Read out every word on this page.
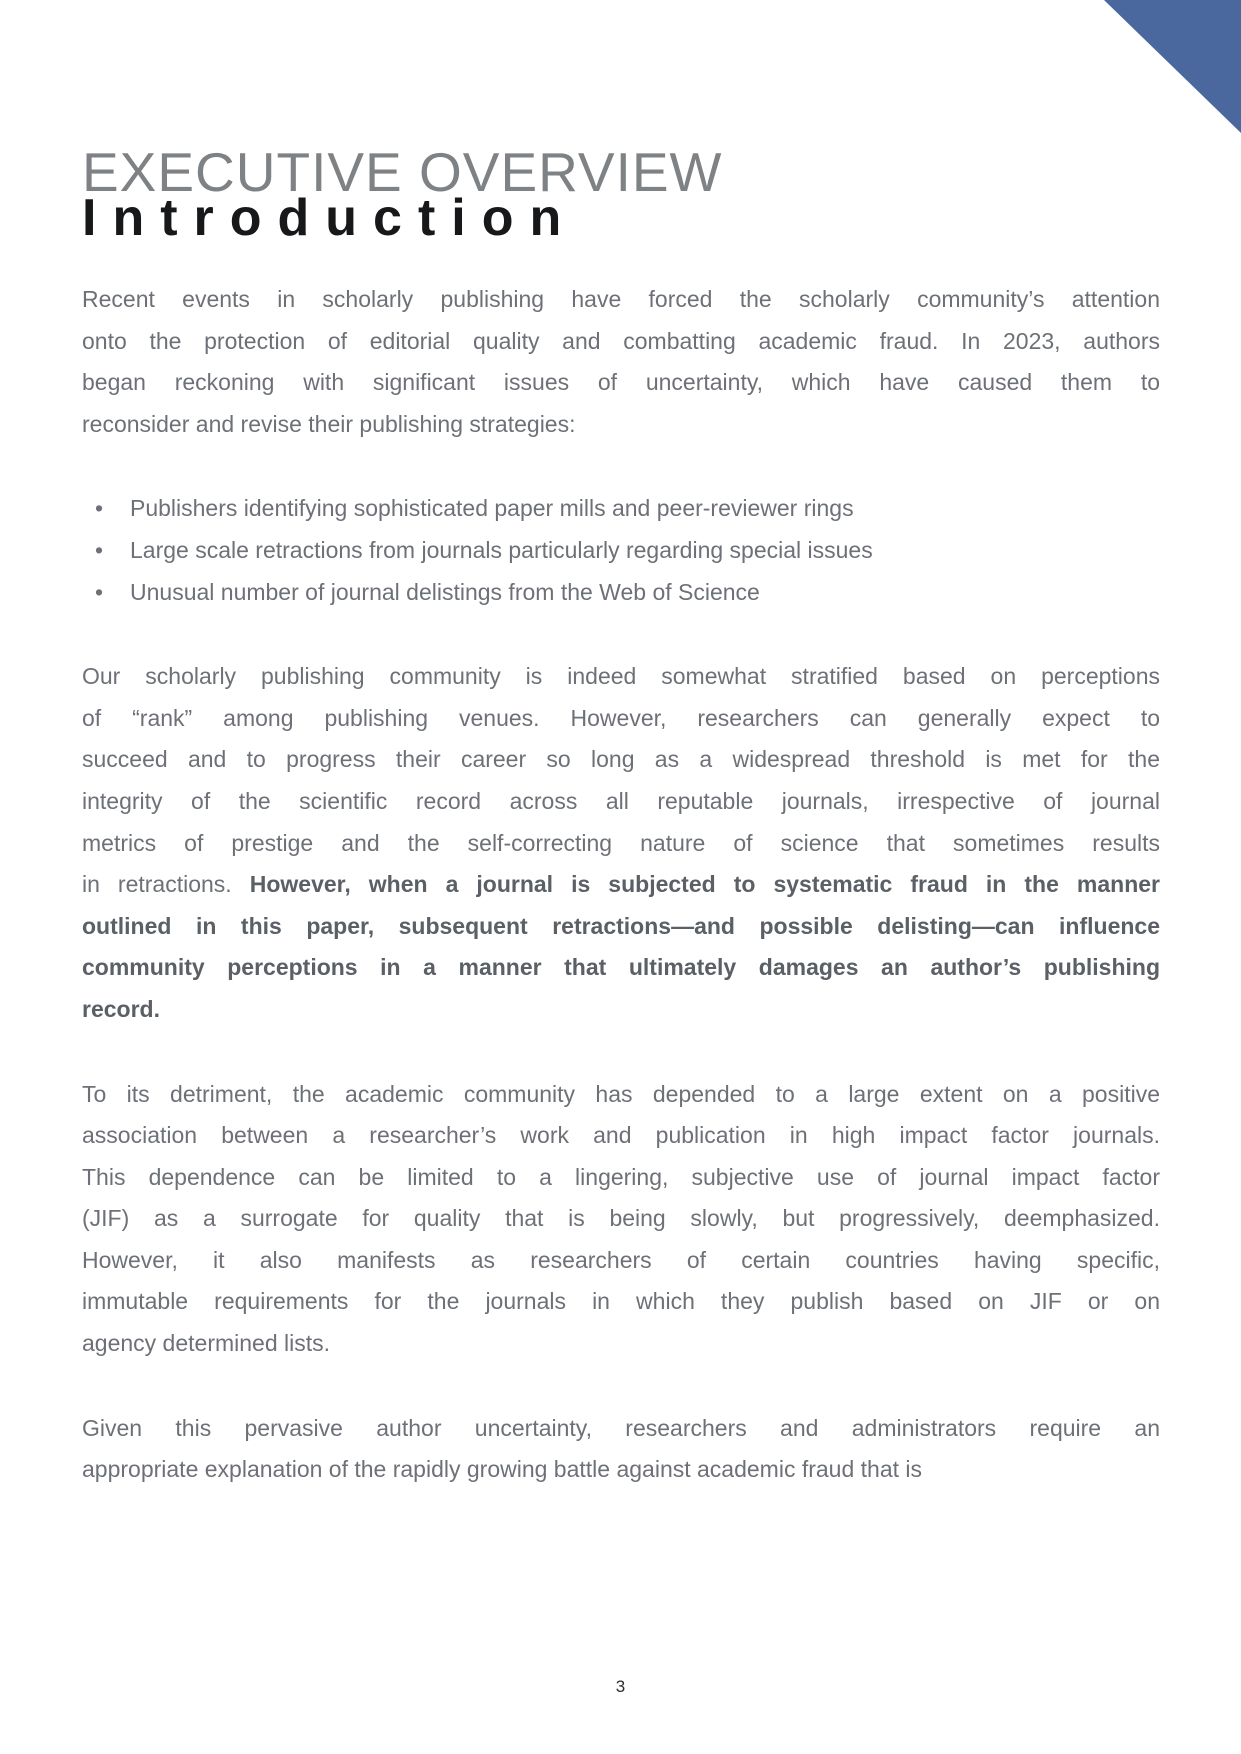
EXECUTIVE OVERVIEW
Introduction
Recent events in scholarly publishing have forced the scholarly community’s attention
onto the protection of editorial quality and combatting academic fraud. In 2023, authors
began reckoning with significant issues of uncertainty, which have caused them to
reconsider and revise their publishing strategies:
• Publishers identifying sophisticated paper mills and peer-reviewer rings
• Large scale retractions from journals particularly regarding special issues
• Unusual number of journal delistings from the Web of Science
Our scholarly publishing community is indeed somewhat stratified based on perceptions
of “rank” among publishing venues. However, researchers can generally expect to
succeed and to progress their career so long as a widespread threshold is met for the
integrity of the scientific record across all reputable journals, irrespective of journal
metrics of prestige and the self-correcting nature of science that sometimes results
in retractions. However, when a journal is subjected to systematic fraud in the manner
outlined in this paper, subsequent retractions—and possible delisting—can influence
community perceptions in a manner that ultimately damages an author’s publishing
record.
To its detriment, the academic community has depended to a large extent on a positive
association between a researcher’s work and publication in high impact factor journals.
This dependence can be limited to a lingering, subjective use of journal impact factor
(JIF) as a surrogate for quality that is being slowly, but progressively, deemphasized.
However, it also manifests as researchers of certain countries having specific,
immutable requirements for the journals in which they publish based on JIF or on
agency determined lists.
Given this pervasive author uncertainty, researchers and administrators require an
appropriate explanation of the rapidly growing battle against academic fraud that is
3
